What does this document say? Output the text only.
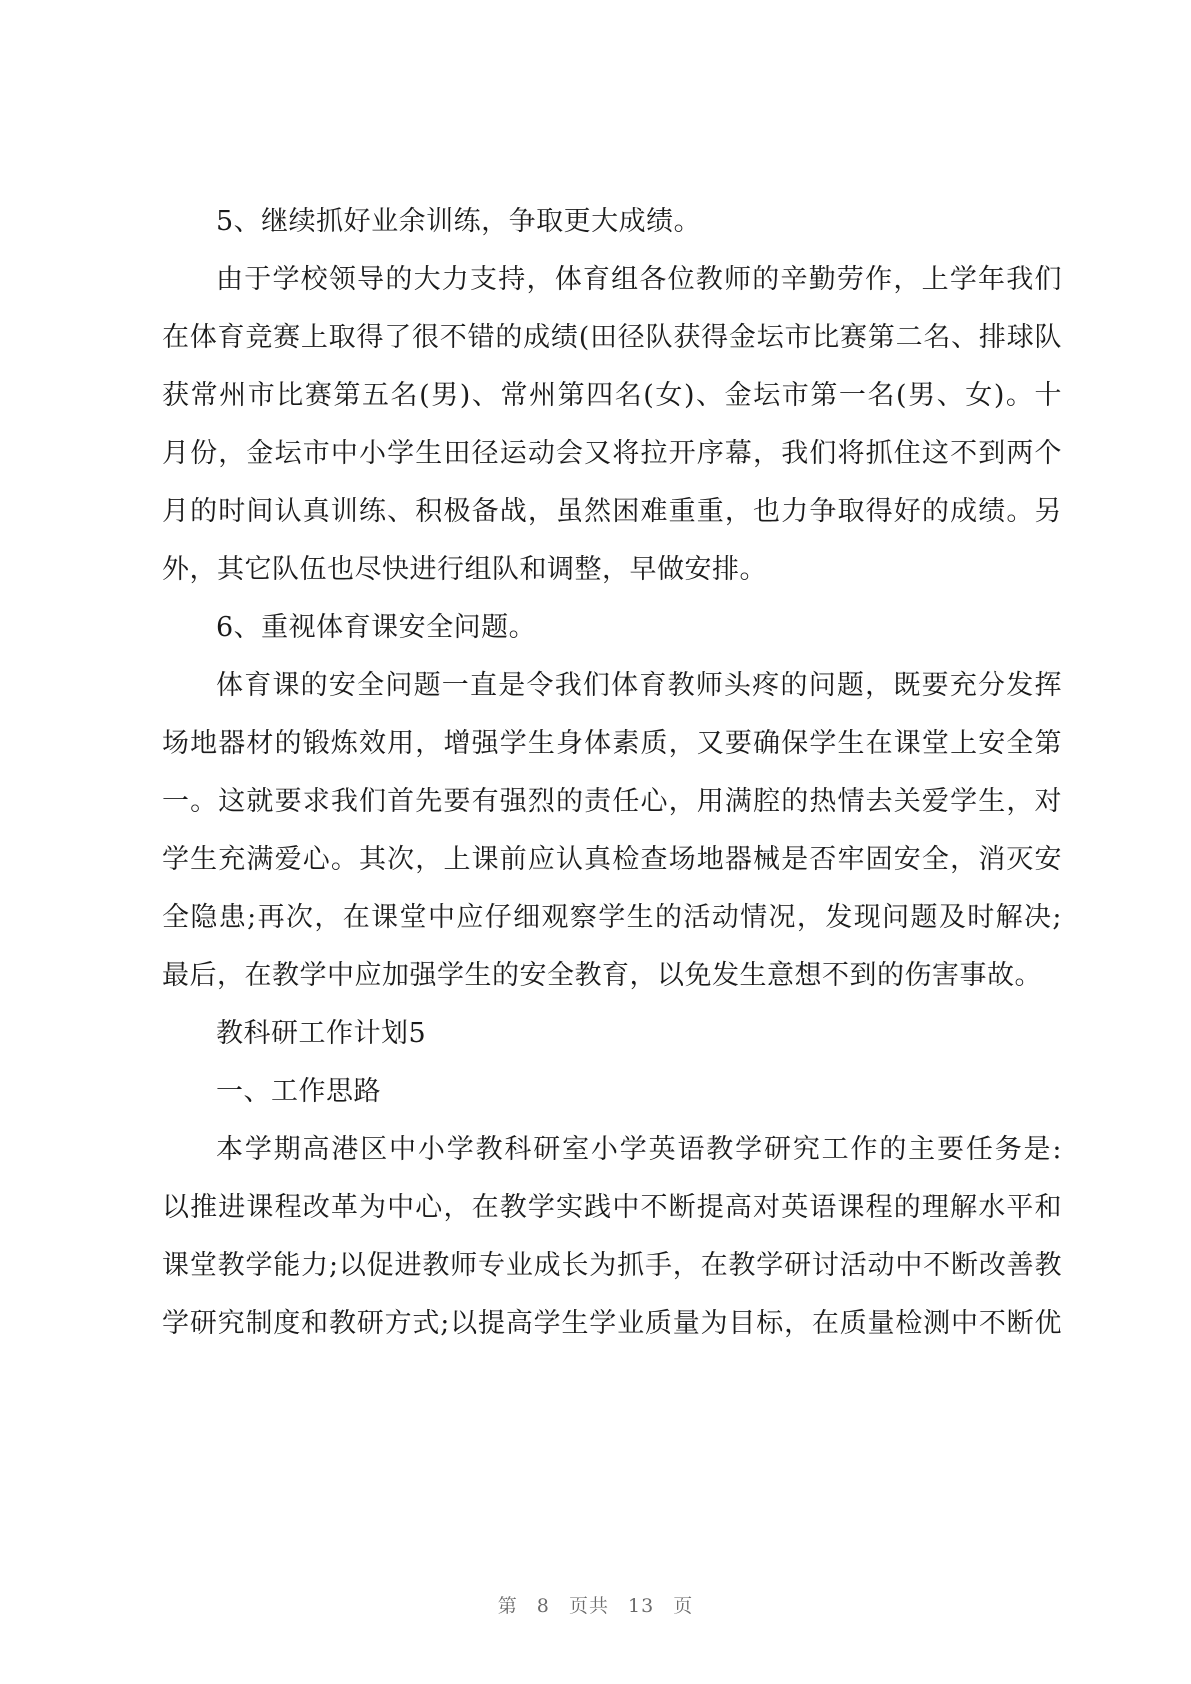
5、继续抓好业余训练，争取更大成绩。
由于学校领导的大力支持，体育组各位教师的辛勤劳作，上学年我们
在体育竞赛上取得了很不错的成绩(田径队获得金坛市比赛第二名、排球队
获常州市比赛第五名(男)、常州第四名(女)、金坛市第一名(男、女)。十
月份，金坛市中小学生田径运动会又将拉开序幕，我们将抓住这不到两个
月的时间认真训练、积极备战，虽然困难重重，也力争取得好的成绩。另
外，其它队伍也尽快进行组队和调整，早做安排。
6、重视体育课安全问题。
体育课的安全问题一直是令我们体育教师头疼的问题，既要充分发挥
场地器材的锻炼效用，增强学生身体素质，又要确保学生在课堂上安全第
一。这就要求我们首先要有强烈的责任心，用满腔的热情去关爱学生，对
学生充满爱心。其次，上课前应认真检查场地器械是否牢固安全，消灭安
全隐患;再次，在课堂中应仔细观察学生的活动情况，发现问题及时解决;
最后，在教学中应加强学生的安全教育，以免发生意想不到的伤害事故。
教科研工作计划5
一、工作思路
本学期高港区中小学教科研室小学英语教学研究工作的主要任务是:
以推进课程改革为中心，在教学实践中不断提高对英语课程的理解水平和
课堂教学能力;以促进教师专业成长为抓手，在教学研讨活动中不断改善教
学研究制度和教研方式;以提高学生学业质量为目标，在质量检测中不断优
第 8 页共 13 页
